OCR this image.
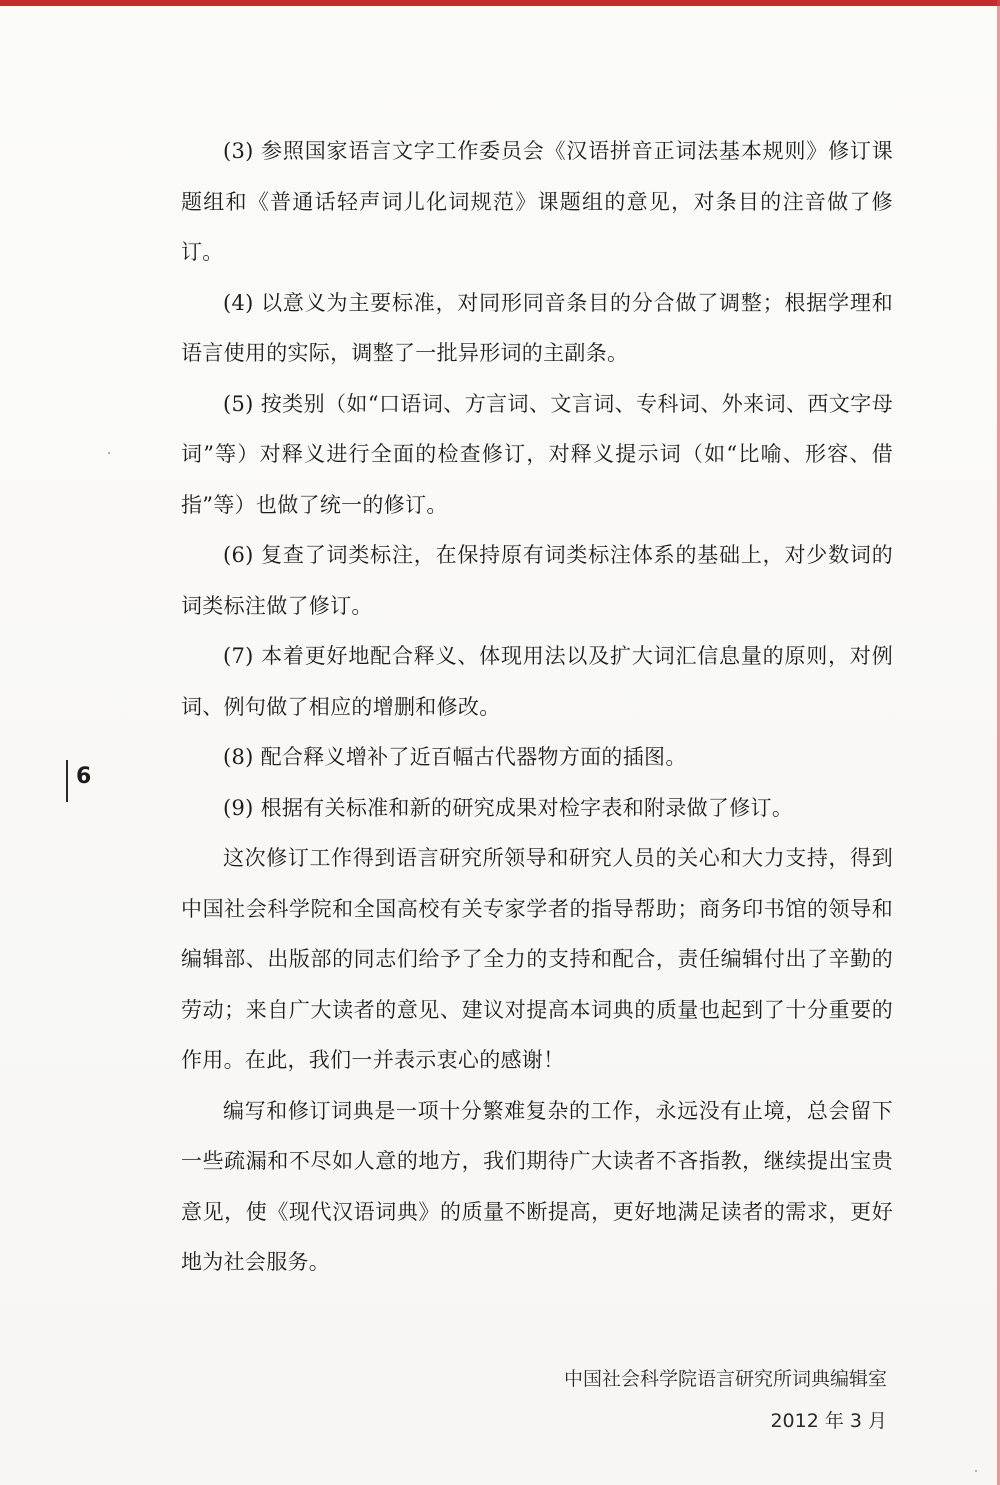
(3) 参照国家语言文字工作委员会《汉语拼音正词法基本规则》修订课题组和《普通话轻声词儿化词规范》课题组的意见，对条目的注音做了修订。

(4) 以意义为主要标准，对同形同音条目的分合做了调整；根据学理和语言使用的实际，调整了一批异形词的主副条。

(5) 按类别（如“口语词、方言词、文言词、专科词、外来词、西文字母词”等）对释义进行全面的检查修订，对释义提示词（如“比喻、形容、借指”等）也做了统一的修订。

(6) 复查了词类标注，在保持原有词类标注体系的基础上，对少数词的词类标注做了修订。

(7) 本着更好地配合释义、体现用法以及扩大词汇信息量的原则，对例词、例句做了相应的增删和修改。

(8) 配合释义增补了近百幅古代器物方面的插图。

(9) 根据有关标准和新的研究成果对检字表和附录做了修订。

这次修订工作得到语言研究所领导和研究人员的关心和大力支持，得到中国社会科学院和全国高校有关专家学者的指导帮助；商务印书馆的领导和编辑部、出版部的同志们给予了全力的支持和配合，责任编辑付出了辛勤的劳动；来自广大读者的意见、建议对提高本词典的质量也起到了十分重要的作用。在此，我们一并表示衷心的感谢！

编写和修订词典是一项十分繁难复杂的工作，永远没有止境，总会留下一些疏漏和不尽如人意的地方，我们期待广大读者不吝指教，继续提出宝贵意见，使《现代汉语词典》的质量不断提高，更好地满足读者的需求，更好地为社会服务。

6
中国社会科学院语言研究所词典编辑室
2012 年 3 月
